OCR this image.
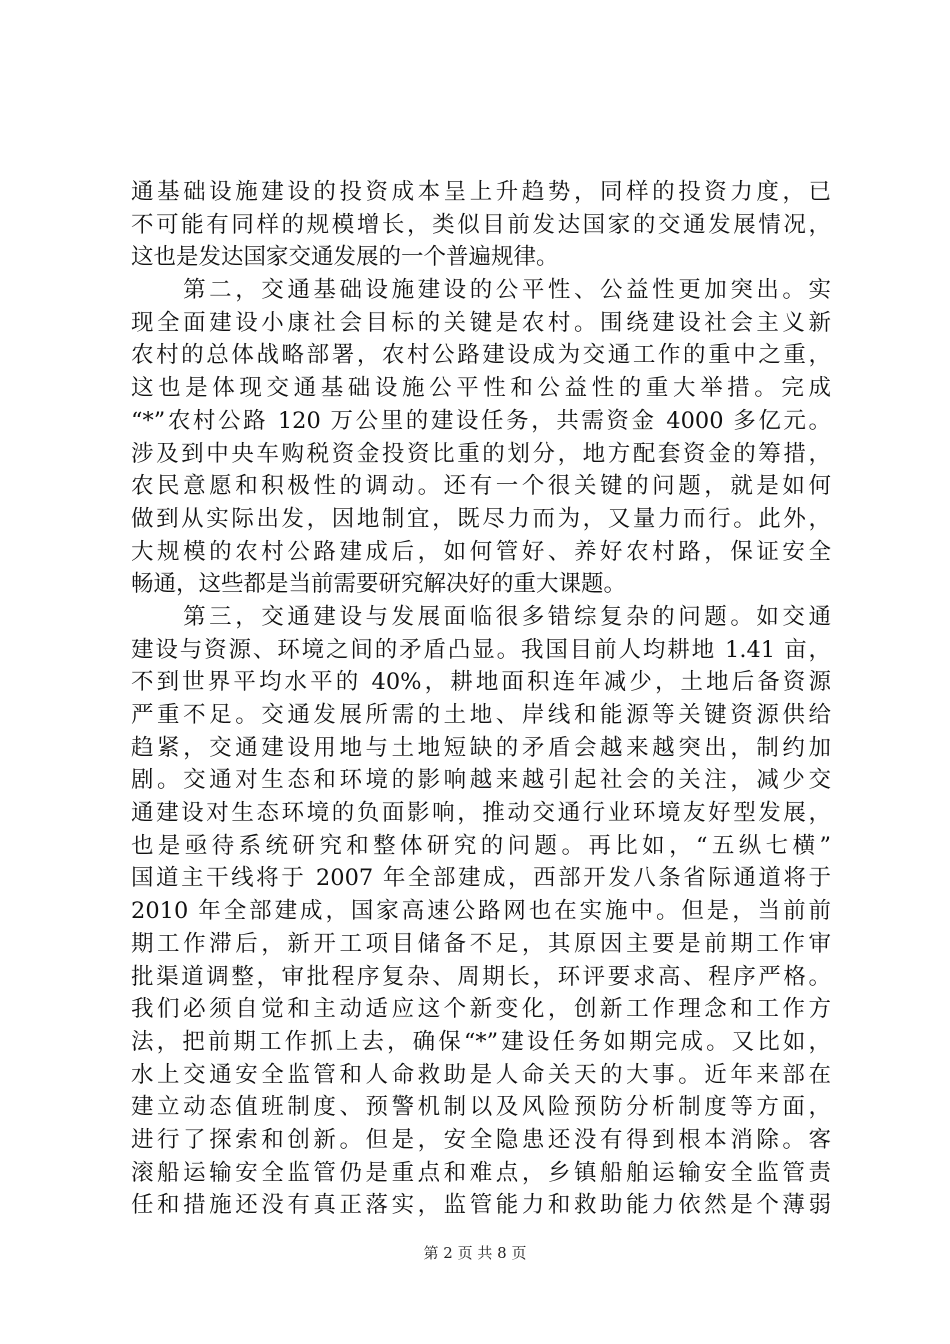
通基础设施建设的投资成本呈上升趋势，同样的投资力度，已
不可能有同样的规模增长，类似目前发达国家的交通发展情况，
这也是发达国家交通发展的一个普遍规律。
　　第二，交通基础设施建设的公平性、公益性更加突出。实
现全面建设小康社会目标的关键是农村。围绕建设社会主义新
农村的总体战略部署，农村公路建设成为交通工作的重中之重，
这也是体现交通基础设施公平性和公益性的重大举措。完成
“*”农村公路 120 万公里的建设任务，共需资金 4000 多亿元。
涉及到中央车购税资金投资比重的划分，地方配套资金的筹措，
农民意愿和积极性的调动。还有一个很关键的问题，就是如何
做到从实际出发，因地制宜，既尽力而为，又量力而行。此外，
大规模的农村公路建成后，如何管好、养好农村路，保证安全
畅通，这些都是当前需要研究解决好的重大课题。
　　第三，交通建设与发展面临很多错综复杂的问题。如交通
建设与资源、环境之间的矛盾凸显。我国目前人均耕地 1.41 亩，
不到世界平均水平的 40%，耕地面积连年减少，土地后备资源
严重不足。交通发展所需的土地、岸线和能源等关键资源供给
趋紧，交通建设用地与土地短缺的矛盾会越来越突出，制约加
剧。交通对生态和环境的影响越来越引起社会的关注，减少交
通建设对生态环境的负面影响，推动交通行业环境友好型发展，
也是亟待系统研究和整体研究的问题。再比如，“五纵七横”
国道主干线将于 2007 年全部建成，西部开发八条省际通道将于
2010 年全部建成，国家高速公路网也在实施中。但是，当前前
期工作滞后，新开工项目储备不足，其原因主要是前期工作审
批渠道调整，审批程序复杂、周期长，环评要求高、程序严格。
我们必须自觉和主动适应这个新变化，创新工作理念和工作方
法，把前期工作抓上去，确保“*”建设任务如期完成。又比如，
水上交通安全监管和人命救助是人命关天的大事。近年来部在
建立动态值班制度、预警机制以及风险预防分析制度等方面，
进行了探索和创新。但是，安全隐患还没有得到根本消除。客
滚船运输安全监管仍是重点和难点，乡镇船舶运输安全监管责
任和措施还没有真正落实，监管能力和救助能力依然是个薄弱
第 2 页 共 8 页
